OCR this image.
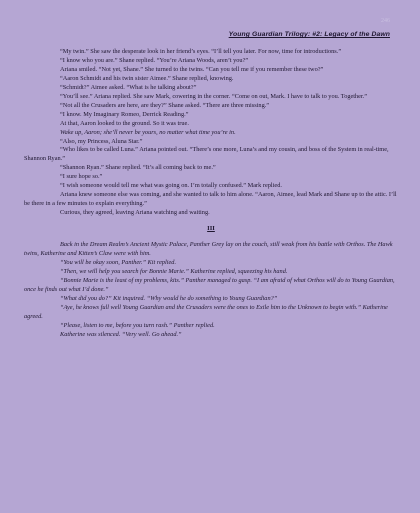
246
Young Guardian Trilogy: #2: Legacy of the Dawn

“My twin.” She saw the desperate look in her friend’s eyes. “I’ll tell you later. For now, time for introductions.”

“I know who you are.” Shane replied. “You’re Ariana Woods, aren’t you?”

Ariana smiled. “Not yet, Shane.” She turned to the twins. “Can you tell me if you remember these two?”

“Aaron Schmidt and his twin sister Aimee.” Shane replied, knowing.

“Schmidt?” Aimee asked. “What is he talking about?”

“You’ll see.” Ariana replied. She saw Mark, cowering in the corner. “Come on out, Mark. I have to talk to you. Together.”

“Not all the Crusaders are here, are they?” Shane asked. “There are three missing.”

“I know. My Imaginary Romeo, Derrick Reading.”

At that, Aaron looked to the ground. So it was true.

Wake up, Aaron; she’ll never be yours, no matter what time you’re in.

“Also, my Princess, Aluna Star.”

“Who likes to be called Luna.” Ariana pointed out. “There’s one more, Luna’s and my cousin, and boss of the System in real-time, Shannon Ryan.”

“Shannon Ryan.” Shane replied. “It’s all coming back to me.”

“I sure hope so.”

“I wish someone would tell me what was going on. I’m totally confused.” Mark replied.

Ariana knew someone else was coming, and she wanted to talk to him alone. “Aaron, Aimee, lead Mark and Shane up to the attic. I’ll be there in a few minutes to explain everything.”

Curious, they agreed, leaving Ariana watching and waiting.

III

Back in the Dream Realm’s Ancient Mystic Palace, Panther Grey lay on the couch, still weak from his battle with Orthos. The Hawk twins, Katherine and Kitten’s Claw were with him.

“You will be okay soon, Panther.” Kit replied.

“Then, we will help you search for Bonnie Marie.” Katherine replied, squeezing his hand.

“Bonnie Marie is the least of my problems, kits.” Panther managed to gasp. “I am afraid of what Orthos will do to Young Guardian, once he finds out what I’d done.”

“What did you do?” Kit inquired. “Why would he do something to Young Guardian?”

“Aye, he knows full well Young Guardian and the Crusaders were the ones to Exile him to the Unknown to begin with.” Katherine agreed.

“Please, listen to me, before you turn rash.” Panther replied.

Katherine was silenced. “Very well. Go ahead.”
